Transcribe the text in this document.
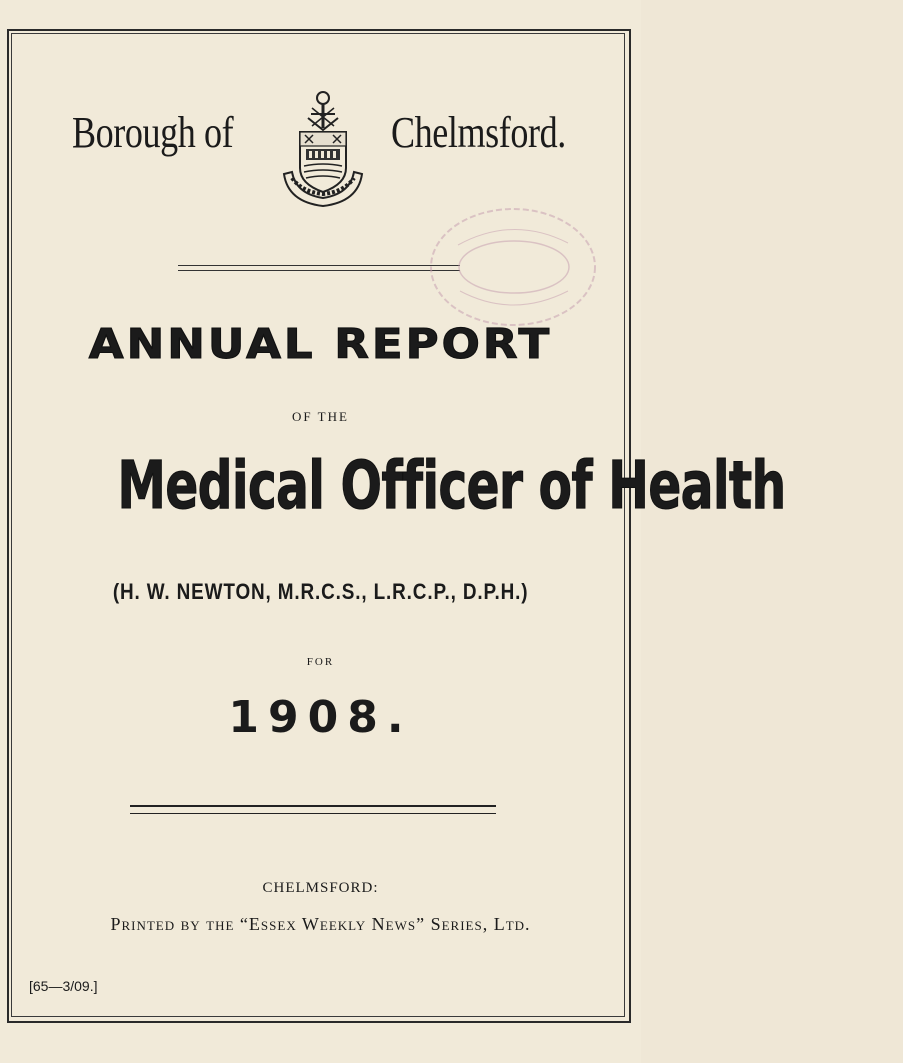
Borough of	Chelmsford.
ANNUAL REPORT
OF THE
Medical Officer of Health
(H. W. NEWTON, M.R.C.S., L.R.C.P., D.P.H.)
FOR
1908.
CHELMSFORD:
Printed by the “Essex Weekly News” Series, Ltd.
[65—3/09.]
